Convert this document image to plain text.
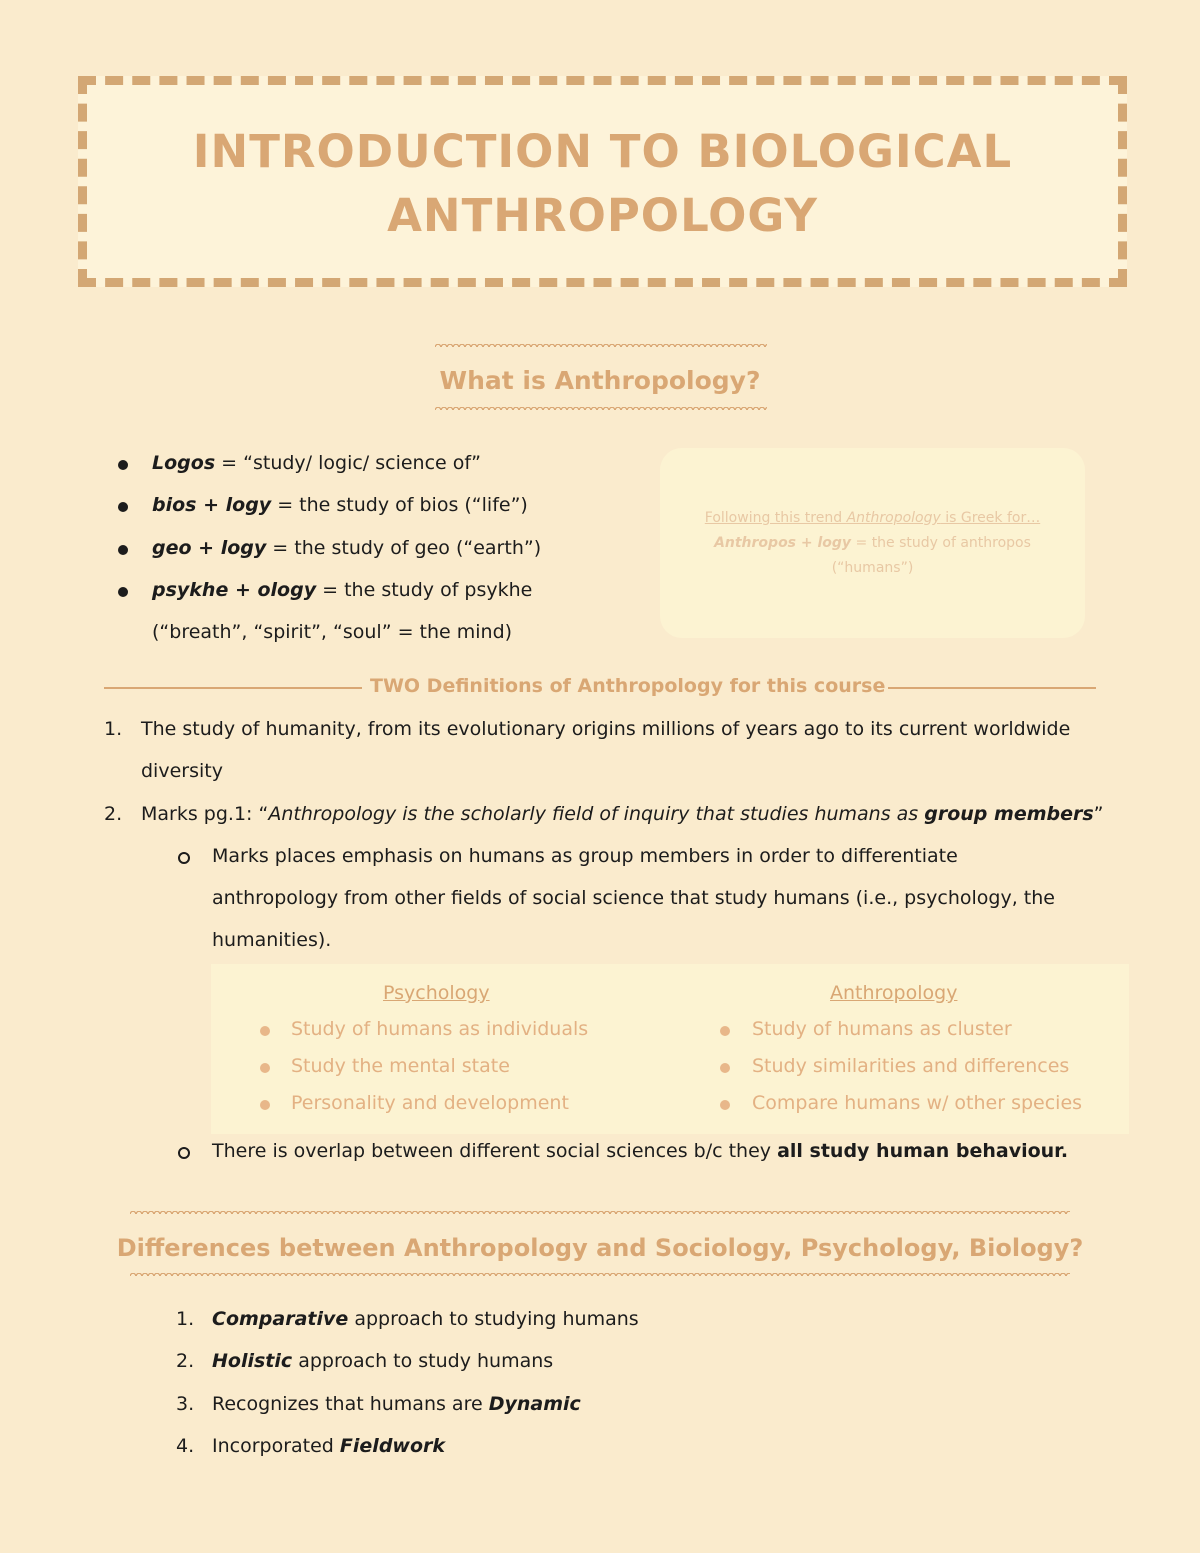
INTRODUCTION TO BIOLOGICAL
ANTHROPOLOGY
What is Anthropology?
Logos = “study/ logic/ science of”
bios + logy = the study of bios (“life”)
geo + logy = the study of geo (“earth”)
psykhe + ology = the study of psykhe
(“breath”, “spirit”, “soul” = the mind)
Following this trend Anthropology is Greek for…
Anthropos + logy = the study of anthropos
(“humans”)
TWO Definitions of Anthropology for this course
1. The study of humanity, from its evolutionary origins millions of years ago to its current worldwide
diversity
2. Marks pg.1: “Anthropology is the scholarly field of inquiry that studies humans as group members”
Marks places emphasis on humans as group members in order to differentiate
anthropology from other fields of social science that study humans (i.e., psychology, the
humanities).
Psychology
Study of humans as individuals
Study the mental state
Personality and development
Anthropology
Study of humans as cluster
Study similarities and differences
Compare humans w/ other species
There is overlap between different social sciences b/c they all study human behaviour.
Differences between Anthropology and Sociology, Psychology, Biology?
1. Comparative approach to studying humans
2. Holistic approach to study humans
3. Recognizes that humans are Dynamic
4. Incorporated Fieldwork
